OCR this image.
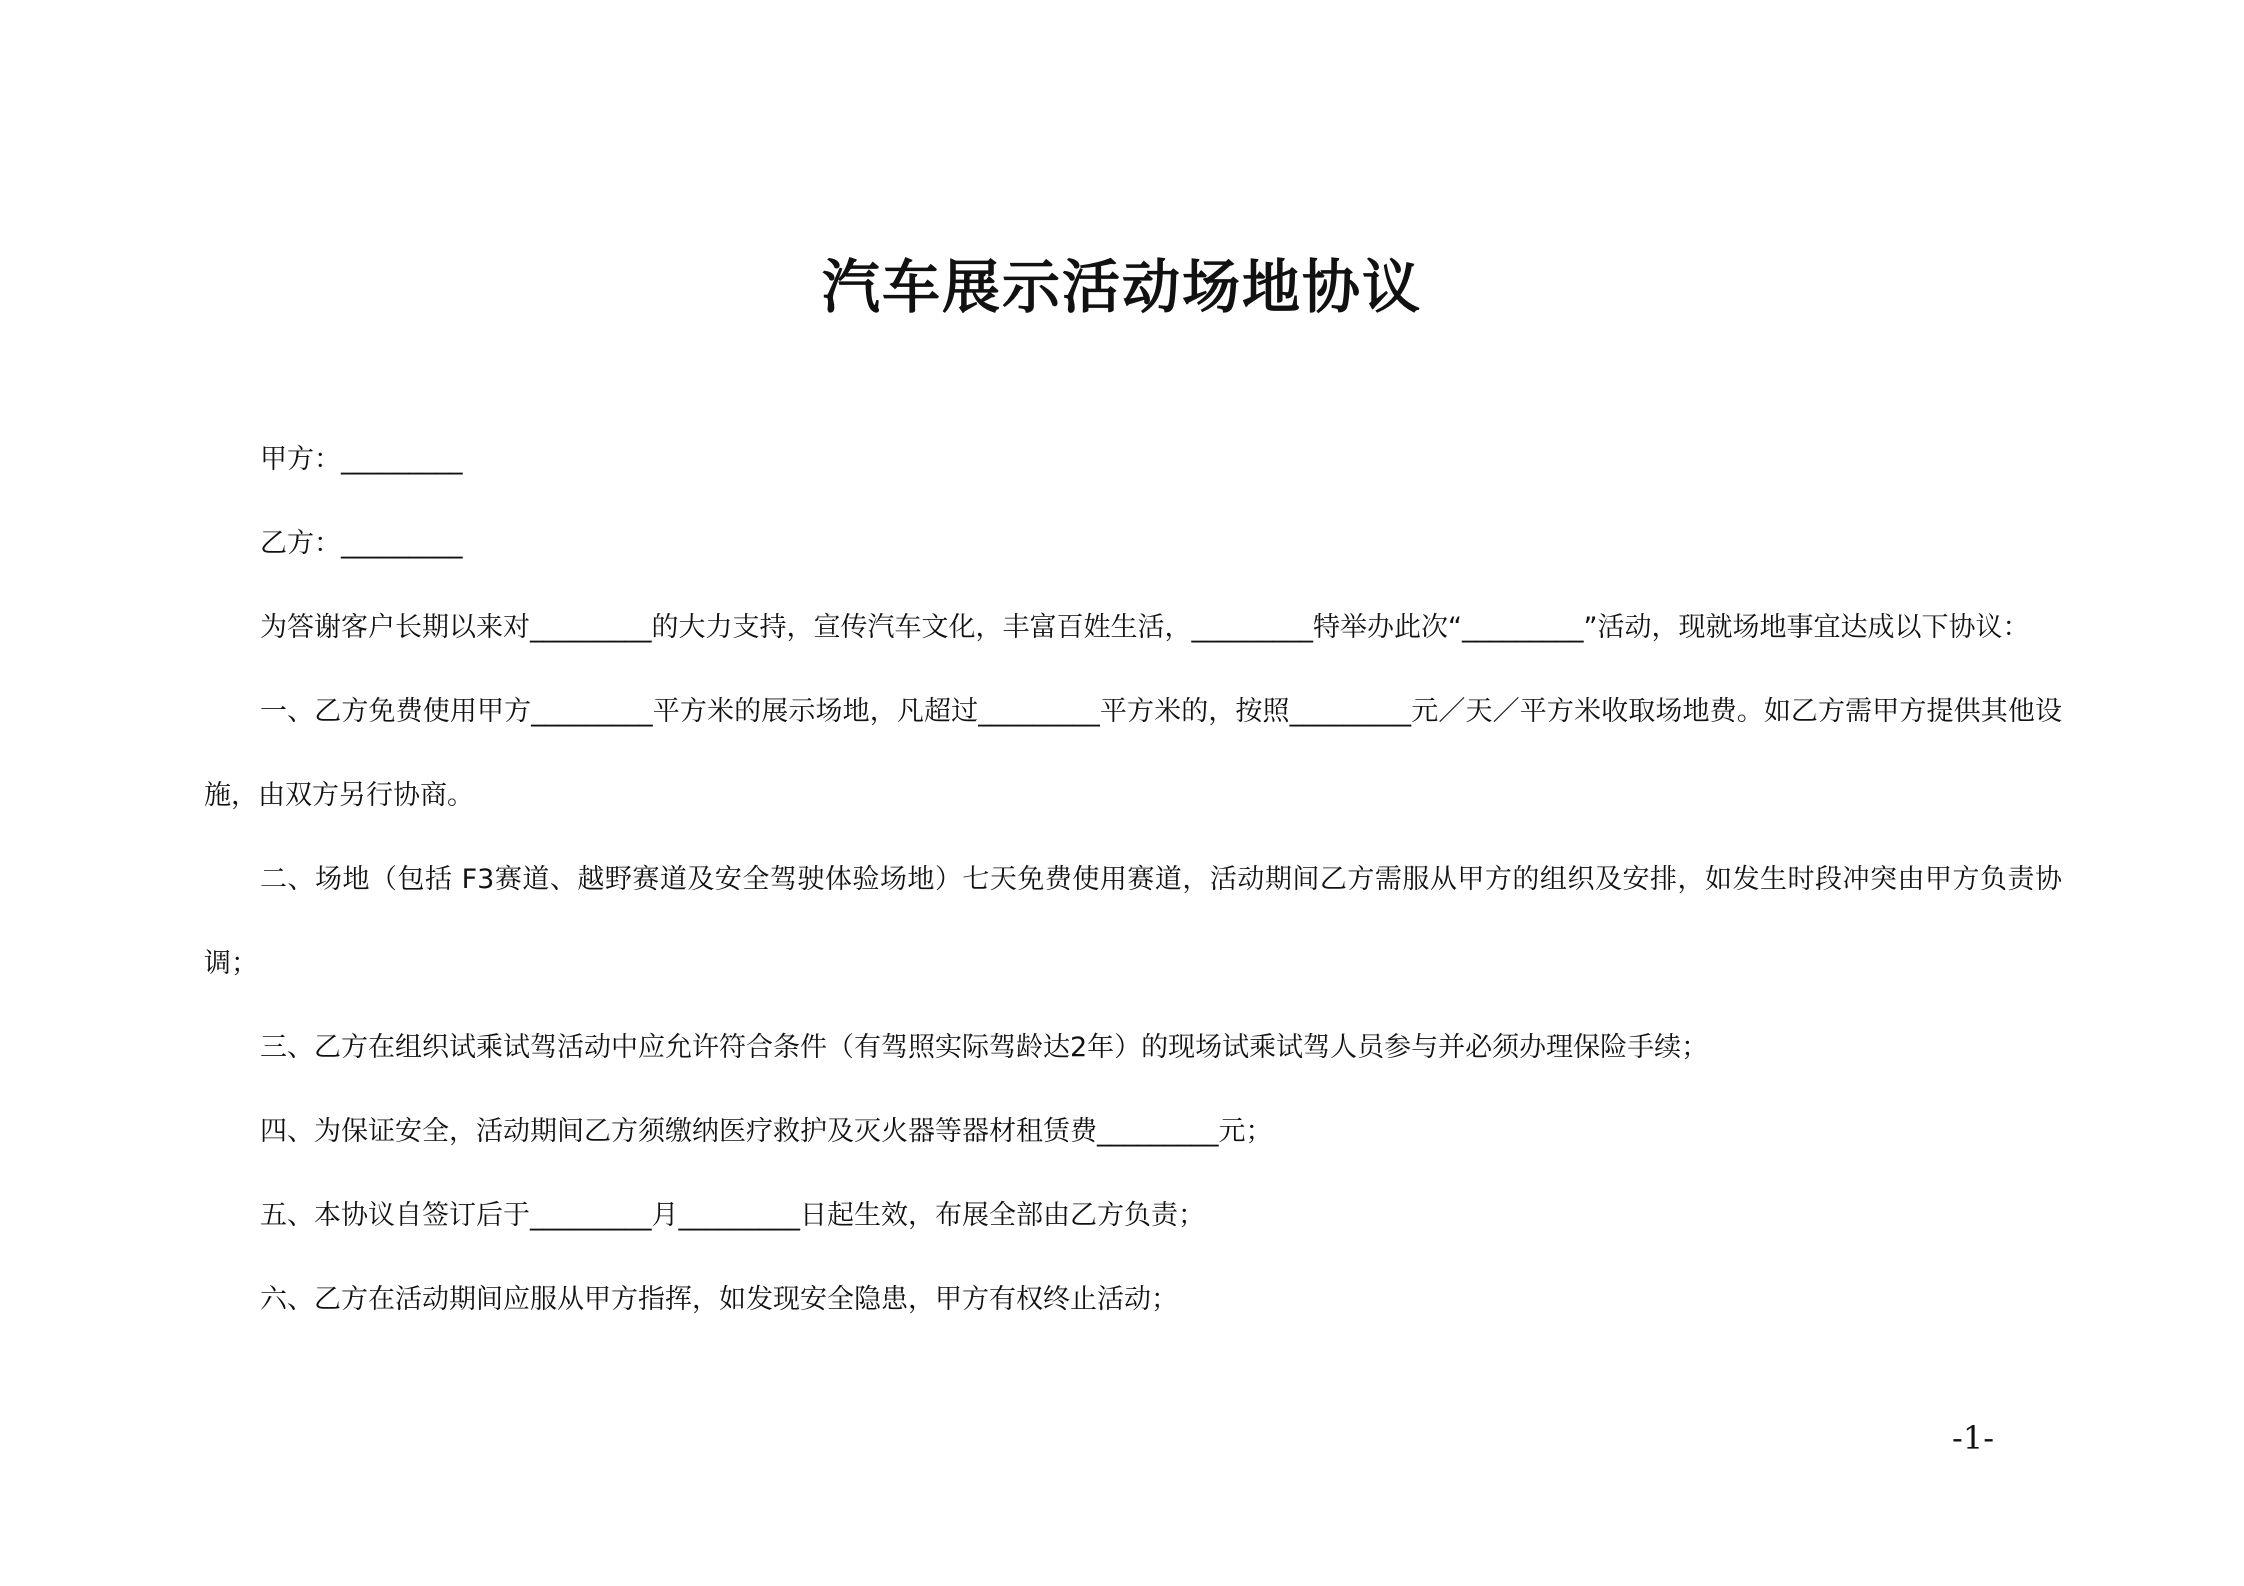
汽车展示活动场地协议

甲方：_________

乙方：_________

为答谢客户长期以来对_________的大力支持，宣传汽车文化，丰富百姓生活，_________特举办此次“_________”活动，现就场地事宜达成以下协议：

一、乙方免费使用甲方_________平方米的展示场地，凡超过_________平方米的，按照_________元／天／平方米收取场地费。如乙方需甲方提供其他设施，由双方另行协商。

二、场地（包括 F3赛道、越野赛道及安全驾驶体验场地）七天免费使用赛道，活动期间乙方需服从甲方的组织及安排，如发生时段冲突由甲方负责协调；

三、乙方在组织试乘试驾活动中应允许符合条件（有驾照实际驾龄达2年）的现场试乘试驾人员参与并必须办理保险手续；

四、为保证安全，活动期间乙方须缴纳医疗救护及灭火器等器材租赁费_________元；

五、本协议自签订后于_________月_________日起生效，布展全部由乙方负责；

六、乙方在活动期间应服从甲方指挥，如发现安全隐患，甲方有权终止活动；

-1-
